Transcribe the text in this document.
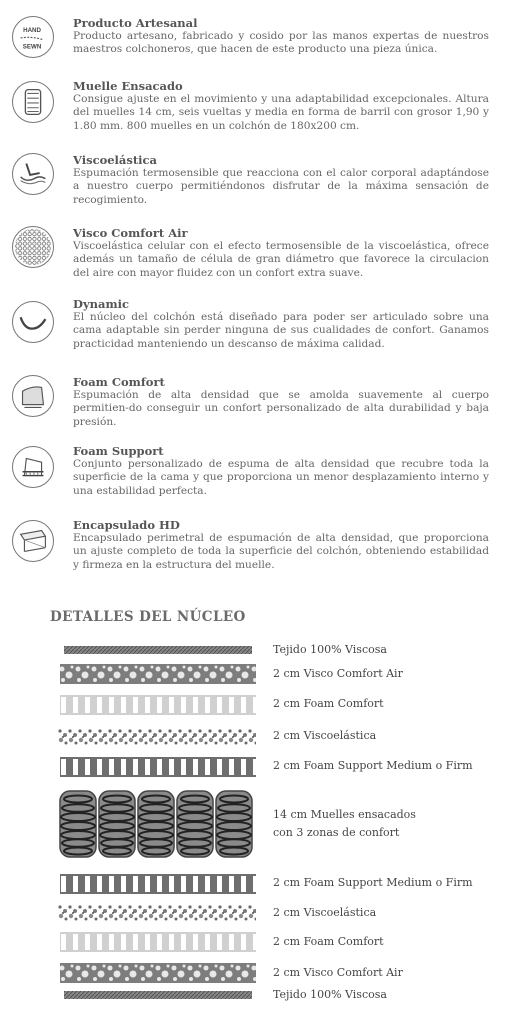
HAND
SEWN

Producto Artesanal

Producto artesano, fabricado y cosido por las manos expertas de nuestros maestros colchoneros, que hacen de este producto una pieza única.

Muelle Ensacado

Consigue ajuste en el movimiento y una adaptabilidad excepcionales. Altura del muelles 14 cm, seis vueltas y media en forma de barril con grosor 1,90 y 1.80 mm. 800 muelles en un colchón de 180x200 cm.

Viscoelástica

Espumación termosensible que reacciona con el calor corporal adaptándose a nuestro cuerpo permitiéndonos disfrutar de la máxima sensación de recogimiento.

Visco Comfort Air

Viscoelástica celular con el efecto termosensible de la viscoelástica, ofrece además un tamaño de célula de gran diámetro que favorece la circulacion del aire con mayor fluidez con un confort extra suave.

Dynamic

El núcleo del colchón está diseñado para poder ser articulado sobre una cama adaptable sin perder ninguna de sus cualidades de confort. Ganamos practicidad manteniendo un descanso de máxima calidad.

Foam Comfort

Espumación de alta densidad que se amolda suavemente al cuerpo permitien-do conseguir un confort personalizado de alta durabilidad y baja presión.

Foam Support

Conjunto personalizado de espuma de alta densidad que recubre toda la superficie de la cama y que proporciona un menor desplazamiento interno y una estabilidad perfecta.

Encapsulado HD

Encapsulado perimetral de espumación de alta densidad, que proporciona un ajuste completo de toda la superficie del colchón, obteniendo estabilidad y firmeza en la estructura del muelle.

DETALLES DEL NÚCLEO
Tejido 100% Viscosa
2 cm Visco Comfort Air
2 cm Foam Comfort
2 cm Viscoelástica
2 cm Foam Support Medium o Firm
14 cm Muelles ensacados
con 3 zonas de confort
2 cm Foam Support Medium o Firm
2 cm Viscoelástica
2 cm Foam Comfort
2 cm Visco Comfort Air
Tejido 100% Viscosa
